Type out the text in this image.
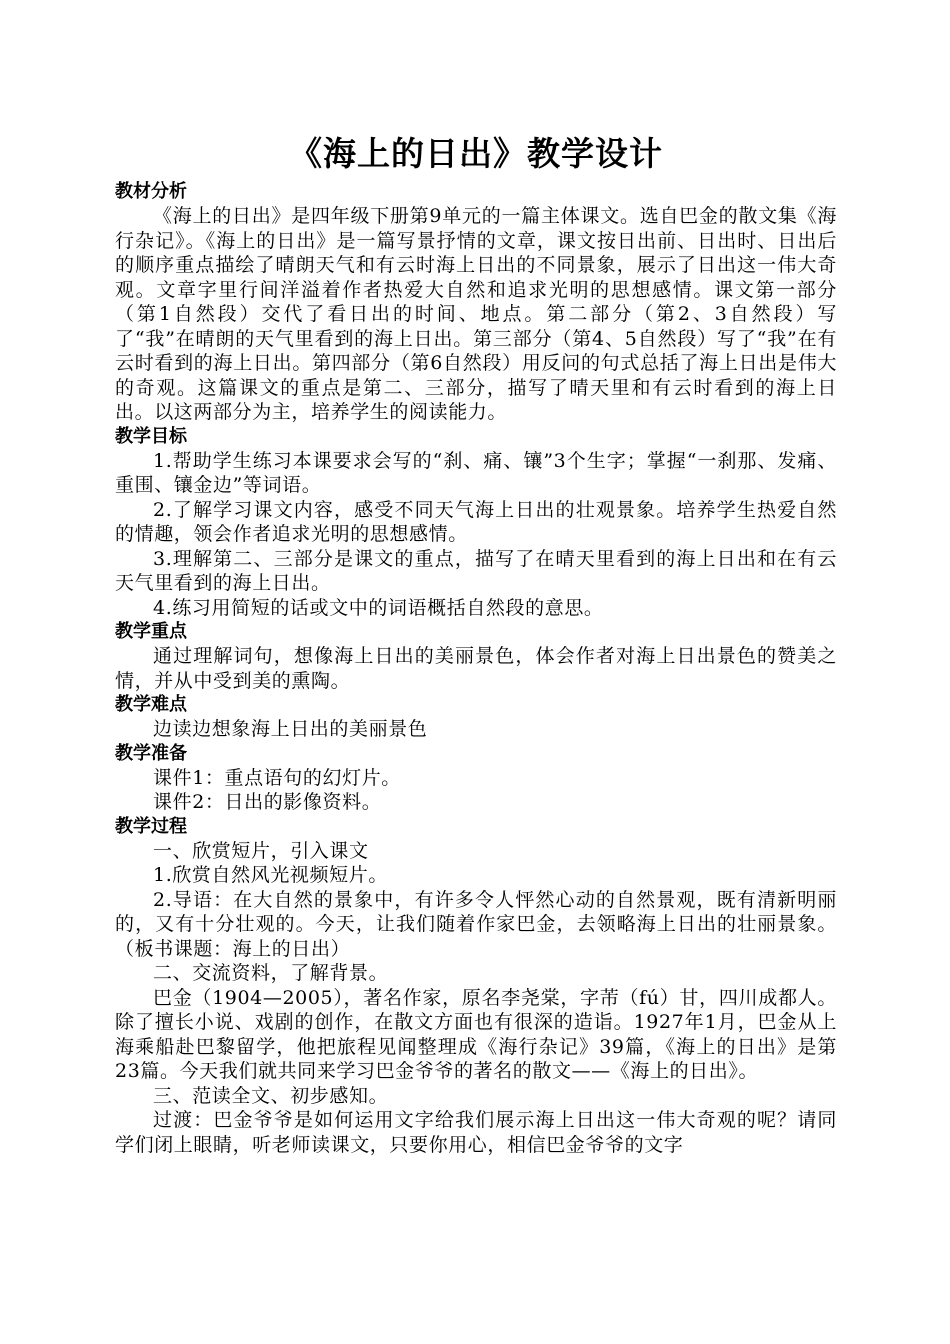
《海上的日出》教学设计
教材分析

《海上的日出》是四年级下册第9单元的一篇主体课文。选自巴金的散文集《海行杂记》。《海上的日出》是一篇写景抒情的文章，课文按日出前、日出时、日出后的顺序重点描绘了晴朗天气和有云时海上日出的不同景象，展示了日出这一伟大奇观。文章字里行间洋溢着作者热爱大自然和追求光明的思想感情。课文第一部分（第1自然段）交代了看日出的时间、地点。第二部分（第2、3自然段）写了“我”在晴朗的天气里看到的海上日出。第三部分（第4、5自然段）写了“我”在有云时看到的海上日出。第四部分（第6自然段）用反问的句式总括了海上日出是伟大的奇观。这篇课文的重点是第二、三部分，描写了晴天里和有云时看到的海上日出。以这两部分为主，培养学生的阅读能力。

教学目标

1.帮助学生练习本课要求会写的“刹、痛、镶”3个生字；掌握“一刹那、发痛、重围、镶金边”等词语。

2.了解学习课文内容，感受不同天气海上日出的壮观景象。培养学生热爱自然的情趣，领会作者追求光明的思想感情。

3.理解第二、三部分是课文的重点，描写了在晴天里看到的海上日出和在有云天气里看到的海上日出。

4.练习用简短的话或文中的词语概括自然段的意思。

教学重点

通过理解词句，想像海上日出的美丽景色，体会作者对海上日出景色的赞美之情，并从中受到美的熏陶。

教学难点

边读边想象海上日出的美丽景色

教学准备

课件1：重点语句的幻灯片。

课件2：日出的影像资料。

教学过程

一、欣赏短片，引入课文

1.欣赏自然风光视频短片。

2.导语：在大自然的景象中，有许多令人怦然心动的自然景观，既有清新明丽的，又有十分壮观的。今天，让我们随着作家巴金，去领略海上日出的壮丽景象。（板书课题：海上的日出）

二、交流资料，了解背景。

巴金（1904—2005），著名作家，原名李尧棠，字芾（fú）甘，四川成都人。除了擅长小说、戏剧的创作，在散文方面也有很深的造诣。1927年1月，巴金从上海乘船赴巴黎留学，他把旅程见闻整理成《海行杂记》39篇，《海上的日出》是第23篇。今天我们就共同来学习巴金爷爷的著名的散文——《海上的日出》。

三、范读全文、初步感知。

过渡：巴金爷爷是如何运用文字给我们展示海上日出这一伟大奇观的呢？请同学们闭上眼睛，听老师读课文，只要你用心，相信巴金爷爷的文字
